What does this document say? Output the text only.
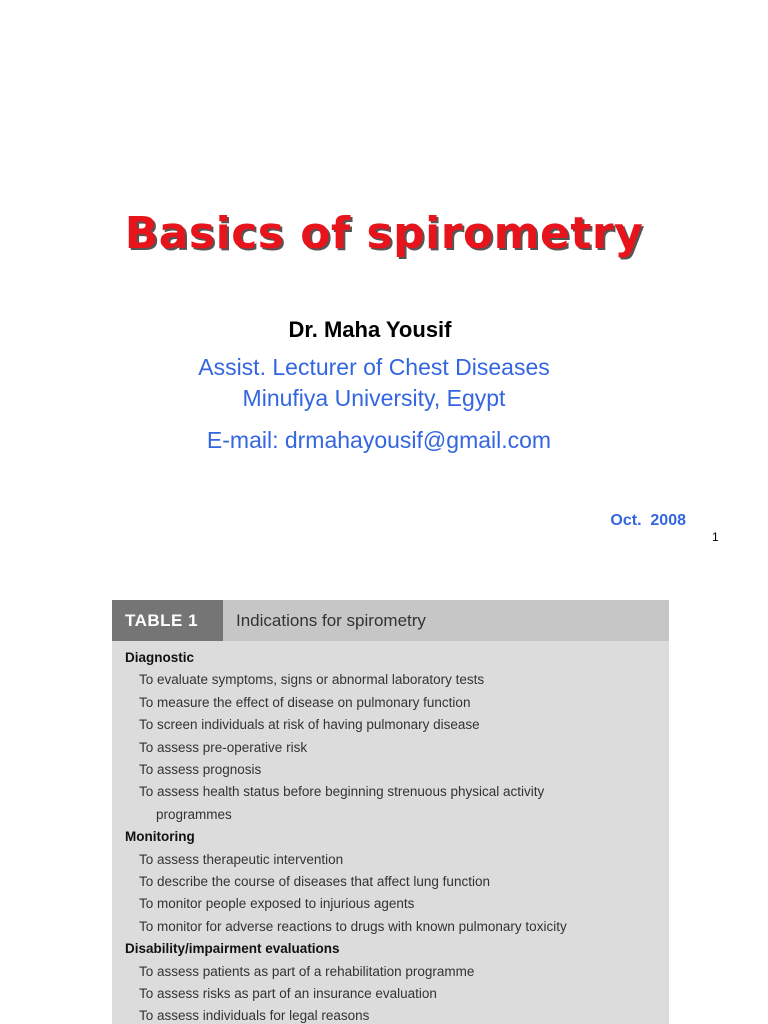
Basics of spirometry
Dr. Maha Yousif
Assist. Lecturer of Chest Diseases
Minufiya University, Egypt
E-mail: drmahayousif@gmail.com
Oct.  2008
1
TABLE 1	Indications for spirometry
Diagnostic
To evaluate symptoms, signs or abnormal laboratory tests
To measure the effect of disease on pulmonary function
To screen individuals at risk of having pulmonary disease
To assess pre-operative risk
To assess prognosis
To assess health status before beginning strenuous physical activity
programmes
Monitoring
To assess therapeutic intervention
To describe the course of diseases that affect lung function
To monitor people exposed to injurious agents
To monitor for adverse reactions to drugs with known pulmonary toxicity
Disability/impairment evaluations
To assess patients as part of a rehabilitation programme
To assess risks as part of an insurance evaluation
To assess individuals for legal reasons
